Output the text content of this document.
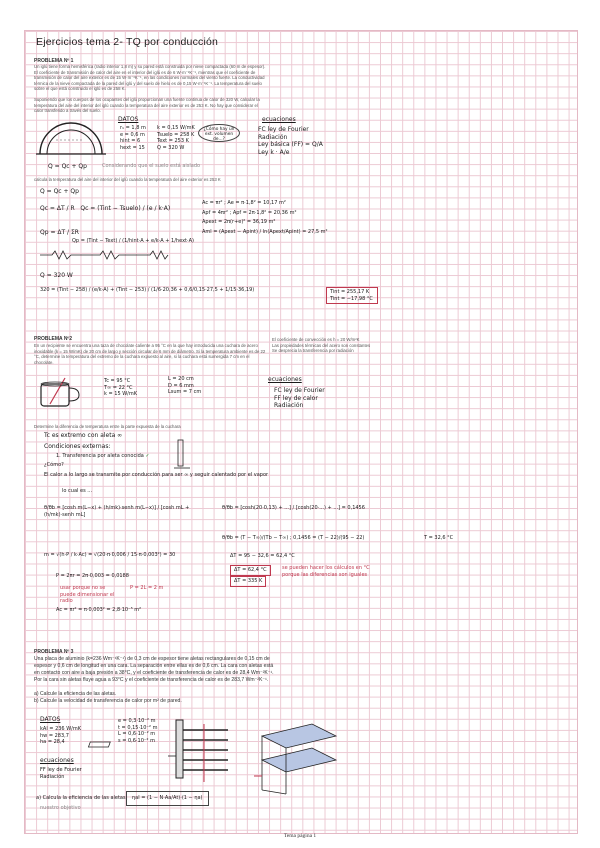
Ejercicios tema 2- TQ por conducción
PROBLEMA Nº 1
Un iglú tiene forma hemisférica (radio interior 1,8 m) y su pared está construida por nieve compactada (60 m de espesor). El coeficiente de transmisión de calor del aire en el interior del iglú es de 6 W·m⁻²K⁻¹, mientras que el coeficiente de transmisión de calor del aire exterior es de 15 W·m⁻²K⁻¹, en las condiciones normales del viento fuerte. La conductividad térmica de la nieve compactada de la pared del iglú y del suelo de hielo es de 0,15 W·m⁻¹K⁻¹. La temperatura del suelo sobre el que está construido el iglú es de 258 K.
Suponiendo que los cuerpos de los ocupantes del iglú proporcionan una fuente continua de calor de 320 W, calcular la temperatura del aire del interior del iglú cuando la temperatura del aire exterior es de 253 K. No hay que considerar el calor transferido a través del suelo.
DATOS
r₁ = 1,8 m
e = 0,6 m
hint = 6
hext = 15
k = 0,15 W/mK
Tsuelo = 258 K
Text = 253 K
Q = 320 W
¿Cómo hay un ext. volumen de...?
ecuaciones
FC ley de Fourier
Radiación
Ley básica (FF) = Q/A
Ley k · A/e
Q = Qc + Qp	Considerando que el suelo está aislado
calcula la temperatura del aire del interior del iglú cuando la temperatura del aire exterior es 253 K
Q = Qc + Qp
Qc = ΔT / R Qc = (Tint − Tsuelo) / (e / k·A)
Qp = ΔT / ΣR
Qp = (Tint − Text) / (1/hint·A + e/k·A + 1/hext·A)
Ac = πr² ; Ae = π·1,8² = 10,17 m²
Apf = 4πr² ; Apf = 2π·1,8² = 20,36 m²
Apext = 2π(r+e)² = 36,19 m²
Aml = (Apext − Apint) / ln(Apext/Apint) = 27,5 m²
Q = 320 W
320 = (Tint − 258) / (e/k·A) + (Tint − 253) / (1/6·20,36 + 0,6/0,15·27,5 + 1/15·36,19)	Tint = 255,17 K
Tint = −17,98 °C
PROBLEMA Nº2
En un recipiente se encuentra una taza de chocolate caliente a 95 °C en la que hay introducida una cuchara de acero inoxidable (k = 15 W/mK) de 20 cm de largo y sección circular de 6 mm de diámetro. Si la temperatura ambiente es de 22 °C, determine la temperatura del extremo de la cuchara expuesto al aire, si la cuchara está sumergida 7 cm en el chocolate.
El coeficiente de convección es h = 20 W/m²K
Las propiedades térmicas del acero son constantes
Se desprecia la transferencia por radiación
Tc = 95 °C
T∞ = 22 °C
k = 15 W/mK
L = 20 cm
D = 6 mm
Lsum = 7 cm
ecuaciones
FC ley de Fourier
FF ley de calor
Radiación
Determine la diferencia de temperatura entre la parte expuesta de la cuchara
Tc es extremo con aleta ∞
Condiciones externas:
1. Transferencia por aleta conocida ✓
¿Cómo?
El calor a lo largo se transmite por conducción para ser ∞ y seguir calentado por el vapor
lo cual es ...
θ/θb = [cosh m(L−x) + (h/mk)·senh m(L−x)] / [cosh mL + (h/mk)·senh mL]
θ/θb = [cosh(20·0,13) + ...] / [cosh(20·...) + ...] = 0,1456
θ/θb = (T − T∞)/(Tb − T∞) ; 0,1456 = (T − 22)/(95 − 22)	T = 32,6 °C
m = √(h·P / k·Ac) = √(20·π·0,006 / 15·π·0,003²) = 30
P = 2πr = 2π·0,003 = 0,0188
usar porque no se puede dimensionar el radio
P = 2L = 2 m
Ac = πr² = π·0,003² = 2,8·10⁻⁵ m²
ΔT = 95 − 32,6 = 62,4 °C
ΔT = 62,4 °C
ΔT = 335 K
se pueden hacer los cálculos en °C porque las diferencias son iguales
PROBLEMA Nº 3
Una placa de aluminio (k=236 Wm⁻¹K⁻¹) de 0,3 cm de espesor tiene aletas rectangulares de 0,15 cm de espesor y 0,6 cm de longitud en una cara. La separación entre ellas es de 0,6 cm. La cara con aletas está en contacto con aire a baja presión a 38°C, y el coeficiente de transferencia de calor es de 28,4 Wm⁻²K⁻¹. Por la cara sin aletas fluye agua a 93°C y el coeficiente de transferencia de calor es de 283,7 Wm⁻²K⁻¹.
a) Calcule la eficiencia de las aletas.
b) Calcule la velocidad de transferencia de calor por m² de pared.
DATOS
kAl = 236 W/mK
hw = 283,7
ha = 28,4
e = 0,3·10⁻² m
t = 0,15·10⁻² m
L = 0,6·10⁻² m
s = 0,6·10⁻² m
ecuaciones
FF ley de Fourier
Radiación
a) Calcula la eficiencia de las aletas
nuestro objetivo
ηal = (1 − N·Aa/At)·(1 − ηa)
Tema página 1
